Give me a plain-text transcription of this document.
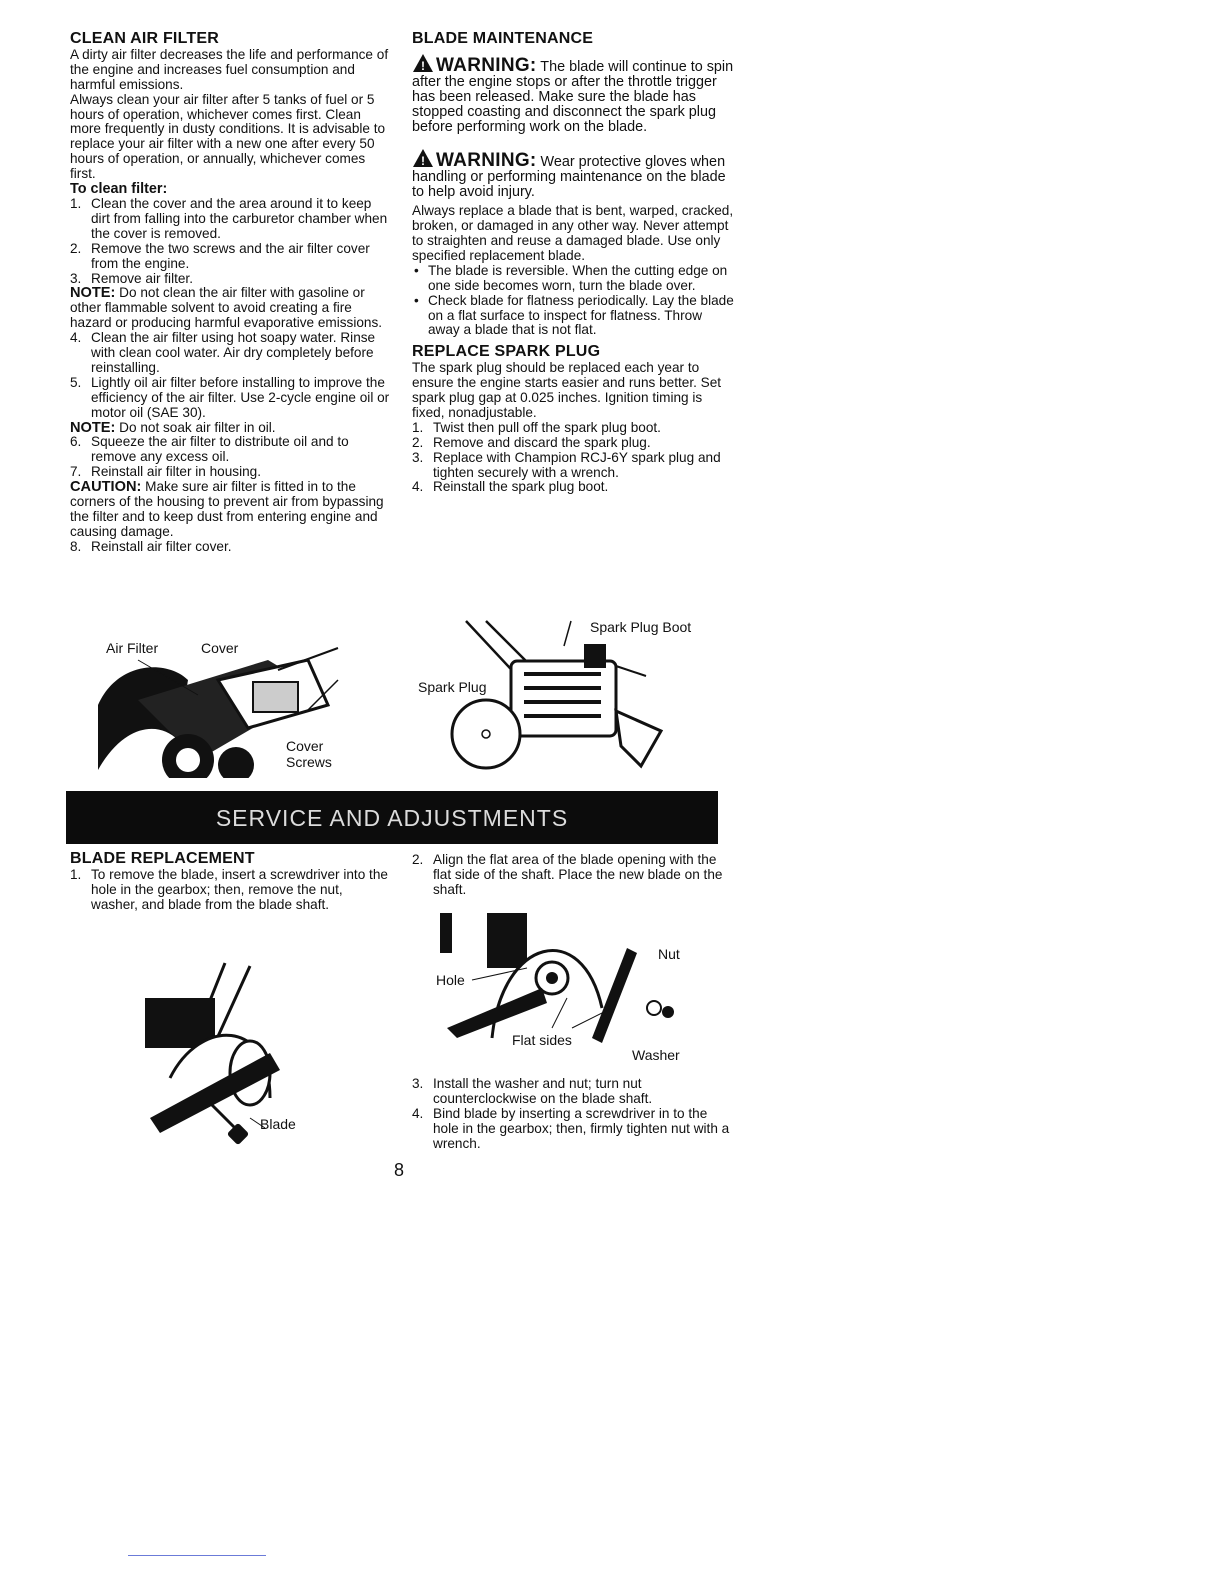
CLEAN AIR FILTER

A dirty air filter decreases the life and performance of the engine and increases fuel consumption and harmful emissions.

Always clean your air filter after 5 tanks of fuel or 5 hours of operation, whichever comes first. Clean more frequently in dusty conditions. It is advisable to replace your air filter with a new one after every 50 hours of operation, or annually, whichever comes first.

To clean filter:

1. Clean the cover and the area around it to keep dirt from falling into the carburetor chamber when the cover is removed.
2. Remove the two screws and the air filter cover from the engine.
3. Remove air filter.

NOTE: Do not clean the air filter with gasoline or other flammable solvent to avoid creating a fire hazard or producing harmful evaporative emissions.

4. Clean the air filter using hot soapy water. Rinse with clean cool water. Air dry completely before reinstalling.
5. Lightly oil air filter before installing to improve the efficiency of the air filter. Use 2-cycle engine oil or motor oil (SAE 30).

NOTE: Do not soak air filter in oil.

6. Squeeze the air filter to distribute oil and to remove any excess oil.
7. Reinstall air filter in housing.

CAUTION: Make sure air filter is fitted in to the corners of the housing to prevent air from bypassing the filter and to keep dust from entering engine and causing damage.

8. Reinstall air filter cover.
BLADE MAINTENANCE

! WARNING: The blade will continue to spin after the engine stops or after the throttle trigger has been released. Make sure the blade has stopped coasting and disconnect the spark plug before performing work on the blade.

! WARNING: Wear protective gloves when handling or performing maintenance on the blade to help avoid injury.

Always replace a blade that is bent, warped, cracked, broken, or damaged in any other way. Never attempt to straighten and reuse a damaged blade. Use only specified replacement blade.

• The blade is reversible. When the cutting edge on one side becomes worn, turn the blade over.
• Check blade for flatness periodically. Lay the blade on a flat surface to inspect for flatness. Throw away a blade that is not flat.
REPLACE SPARK PLUG

The spark plug should be replaced each year to ensure the engine starts easier and runs better. Set spark plug gap at 0.025 inches. Ignition timing is fixed, nonadjustable.

1. Twist then pull off the spark plug boot.
2. Remove and discard the spark plug.
3. Replace with Champion RCJ-6Y spark plug and tighten securely with a wrench.
4. Reinstall the spark plug boot.
Air Filter	Cover
Cover
Screws
Spark Plug Boot
Spark Plug
SERVICE AND ADJUSTMENTS
BLADE REPLACEMENT
1. To remove the blade, insert a screwdriver into the hole in the gearbox; then, remove the nut, washer, and blade from the blade shaft.
Blade
2. Align the flat area of the blade opening with the flat side of the shaft. Place the new blade on the shaft.
Hole
Nut
Flat sides
Washer
3. Install the washer and nut; turn nut counterclockwise on the blade shaft.
4. Bind blade by inserting a screwdriver in to the hole in the gearbox; then, firmly tighten nut with a wrench.
8
